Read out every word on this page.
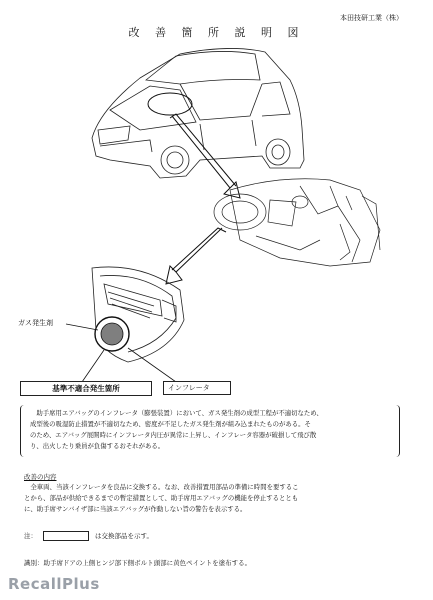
本田技研工業（株）
改 善 箇 所 説 明 図
ガス発生剤
基準不適合発生箇所	インフレータ

助手席用エアバッグのインフレータ（膨張装置）において、ガス発生剤の成型工程が不適切なため、

成型後の吸湿防止措置が不適切なため、密度が不足したガス発生剤が組み込まれたものがある。そ
のため、エアバッグ展開時にインフレータ内圧が異常に上昇し、インフレータ容器が破損して飛び散
り、出火したり乗員が負傷するおそれがある。
改善の内容

全車両、当該インフレータを良品に交換する。なお、改善措置用部品の準備に時間を要するこ

とから、部品が供給できるまでの暫定措置として、助手席用エアバッグの機能を停止するととも
に、助手席サンバイザ部に当該エアバッグが作動しない旨の警告を表示する。
注：	は交換部品を示す。
識別：助手席ドアの上側ヒンジ部下側ボルト頭部に黄色ペイントを塗布する。
RecallPlus
